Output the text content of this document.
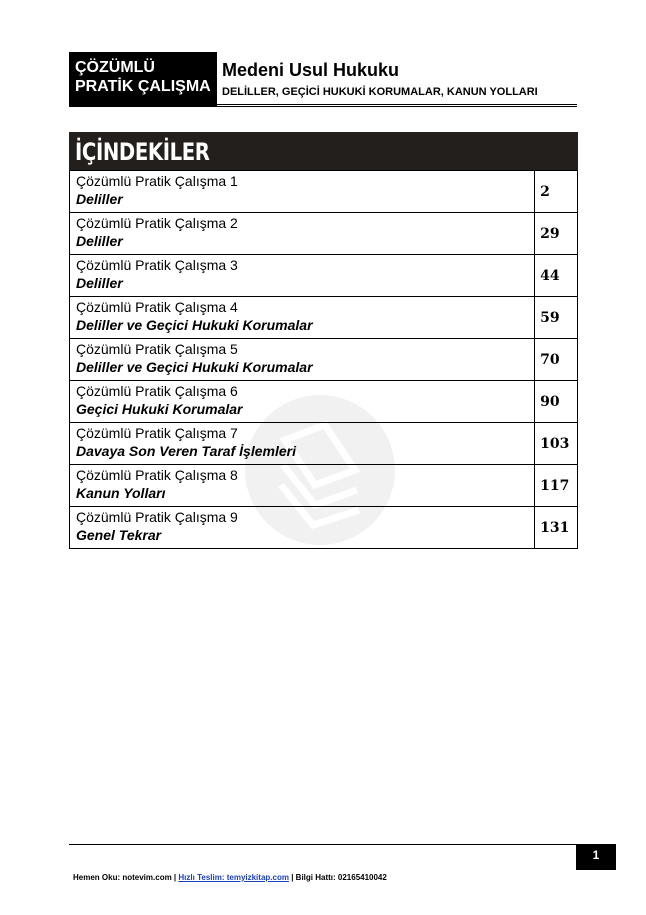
ÇÖZÜMLÜ
PRATİK ÇALIŞMA
Medeni Usul Hukuku
DELİLLER, GEÇİCİ HUKUKİ KORUMALAR, KANUN YOLLARI
İÇİNDEKİLER
Çözümlü Pratik Çalışma 1
Deliller	2

Çözümlü Pratik Çalışma 2
Deliller	29

Çözümlü Pratik Çalışma 3
Deliller	44

Çözümlü Pratik Çalışma 4
Deliller ve Geçici Hukuki Korumalar	59

Çözümlü Pratik Çalışma 5
Deliller ve Geçici Hukuki Korumalar	70

Çözümlü Pratik Çalışma 6
Geçici Hukuki Korumalar	90

Çözümlü Pratik Çalışma 7
Davaya Son Veren Taraf İşlemleri	103

Çözümlü Pratik Çalışma 8
Kanun Yolları	117

Çözümlü Pratik Çalışma 9
Genel Tekrar	131
1
Hemen Oku: notevim.com | Hızlı Teslim: temyizkitap.com | Bilgi Hattı: 02165410042
